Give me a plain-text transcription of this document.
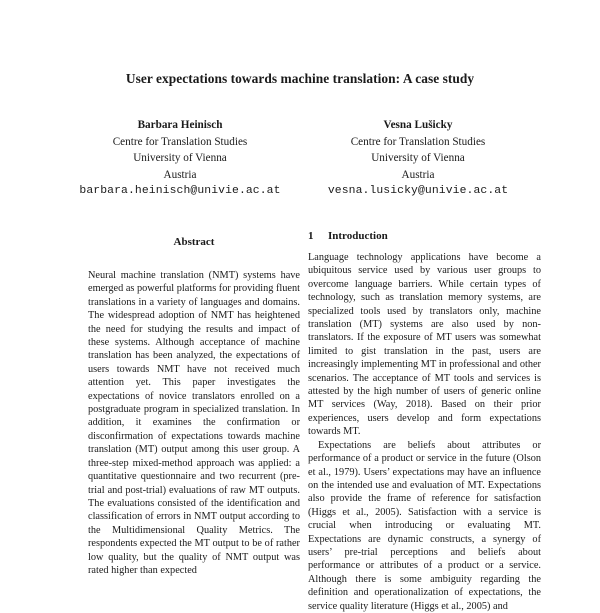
User expectations towards machine translation: A case study
Barbara Heinisch
Centre for Translation Studies
University of Vienna
Austria
barbara.heinisch@univie.ac.at
Vesna Lušicky
Centre for Translation Studies
University of Vienna
Austria
vesna.lusicky@univie.ac.at
Abstract

Neural machine translation (NMT) systems have emerged as powerful platforms for providing fluent translations in a variety of languages and domains. The widespread adoption of NMT has heightened the need for studying the results and impact of these systems. Although acceptance of machine translation has been analyzed, the expectations of users towards NMT have not received much attention yet. This paper investigates the expectations of novice translators enrolled on a postgraduate program in specialized translation. In addition, it examines the confirmation or disconfirmation of expectations towards machine translation (MT) output among this user group. A three-step mixed-method approach was applied: a quantitative questionnaire and two recurrent (pre-trial and post-trial) evaluations of raw MT outputs. The evaluations consisted of the identification and classification of errors in NMT output according to the Multidimensional Quality Metrics. The respondents expected the MT output to be of rather low quality, but the quality of NMT output was rated higher than expected

1 Introduction

Language technology applications have become a ubiquitous service used by various user groups to overcome language barriers. While certain types of technology, such as translation memory systems, are specialized tools used by translators only, machine translation (MT) systems are also used by non-translators. If the exposure of MT users was somewhat limited to gist translation in the past, users are increasingly implementing MT in professional and other scenarios. The acceptance of MT tools and services is attested by the high number of users of generic online MT services (Way, 2018). Based on their prior experiences, users develop and form expectations towards MT.

Expectations are beliefs about attributes or performance of a product or service in the future (Olson et al., 1979). Users’ expectations may have an influence on the intended use and evaluation of MT. Expectations also provide the frame of reference for satisfaction (Higgs et al., 2005). Satisfaction with a service is crucial when introducing or evaluating MT. Expectations are dynamic constructs, a synergy of users’ pre-trial perceptions and beliefs about performance or attributes of a product or a service. Although there is some ambiguity regarding the definition and operationalization of expectations, the service quality literature (Higgs et al., 2005) and
